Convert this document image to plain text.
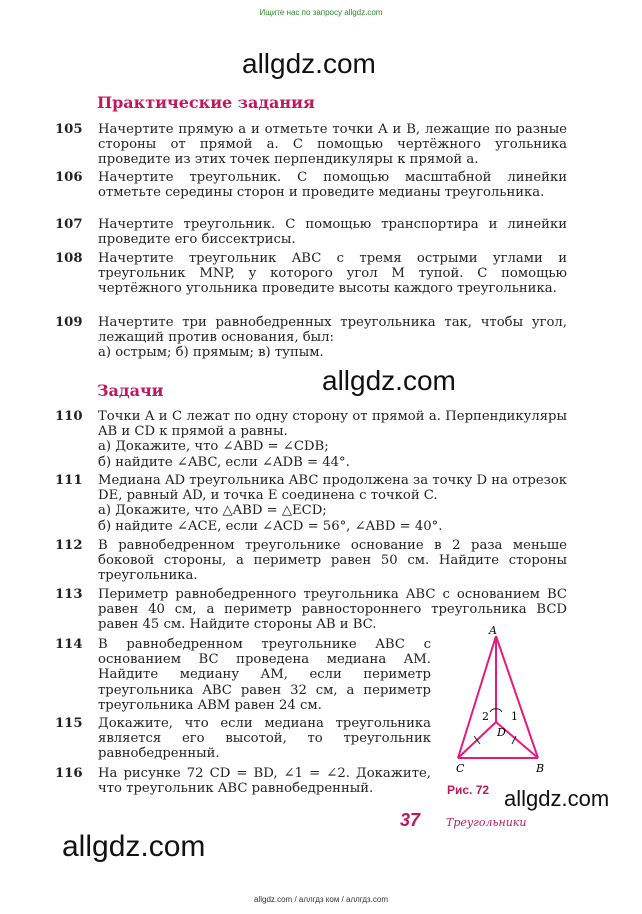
Ищите нас по запросу allgdz.com
allgdz.com
Практические задания
105	Начертите прямую a и отметьте точки A и B, лежащие по разные стороны от прямой a. С помощью чертёжного угольника проведите из этих точек перпендикуляры к прямой a.
106	Начертите треугольник. С помощью масштабной линейки отметьте середины сторон и проведите медианы треугольника.
107	Начертите треугольник. С помощью транспортира и линейки проведите его биссектрисы.
108	Начертите треугольник ABC с тремя острыми углами и треугольник MNP, у которого угол M тупой. С помощью чертёжного угольника проведите высоты каждого треугольника.
109	Начертите три равнобедренных треугольника так, чтобы угол, лежащий против основания, был:
а) острым; б) прямым; в) тупым.
allgdz.com
Задачи
110	Точки A и C лежат по одну сторону от прямой a. Перпендикуляры AB и CD к прямой a равны.
а) Докажите, что ∠ABD = ∠CDB;
б) найдите ∠ABC, если ∠ADB = 44°.
111	Медиана AD треугольника ABC продолжена за точку D на отрезок DE, равный AD, и точка E соединена с точкой C.
а) Докажите, что △ABD = △ECD;
б) найдите ∠ACE, если ∠ACD = 56°, ∠ABD = 40°.
112	В равнобедренном треугольнике основание в 2 раза меньше боковой стороны, а периметр равен 50 см. Найдите стороны треугольника.
113	Периметр равнобедренного треугольника ABC с основанием BC равен 40 см, а периметр равностороннего треугольника BCD равен 45 см. Найдите стороны AB и BC.
114	В равнобедренном треугольнике ABC с основанием BC проведена медиана AM. Найдите медиану AM, если периметр треугольника ABC равен 32 см, а периметр треугольника ABM равен 24 см.
115	Докажите, что если медиана треугольника является его высотой, то треугольник равнобедренный.
116	На рисунке 72 CD = BD, ∠1 = ∠2. Докажите, что треугольник ABC равнобедренный.
A
C	B
D
1
2
Рис. 72 allgdz.com
37 Треугольники
allgdz.com
allgdz.com / аллгдз ком / аллгдз.com
